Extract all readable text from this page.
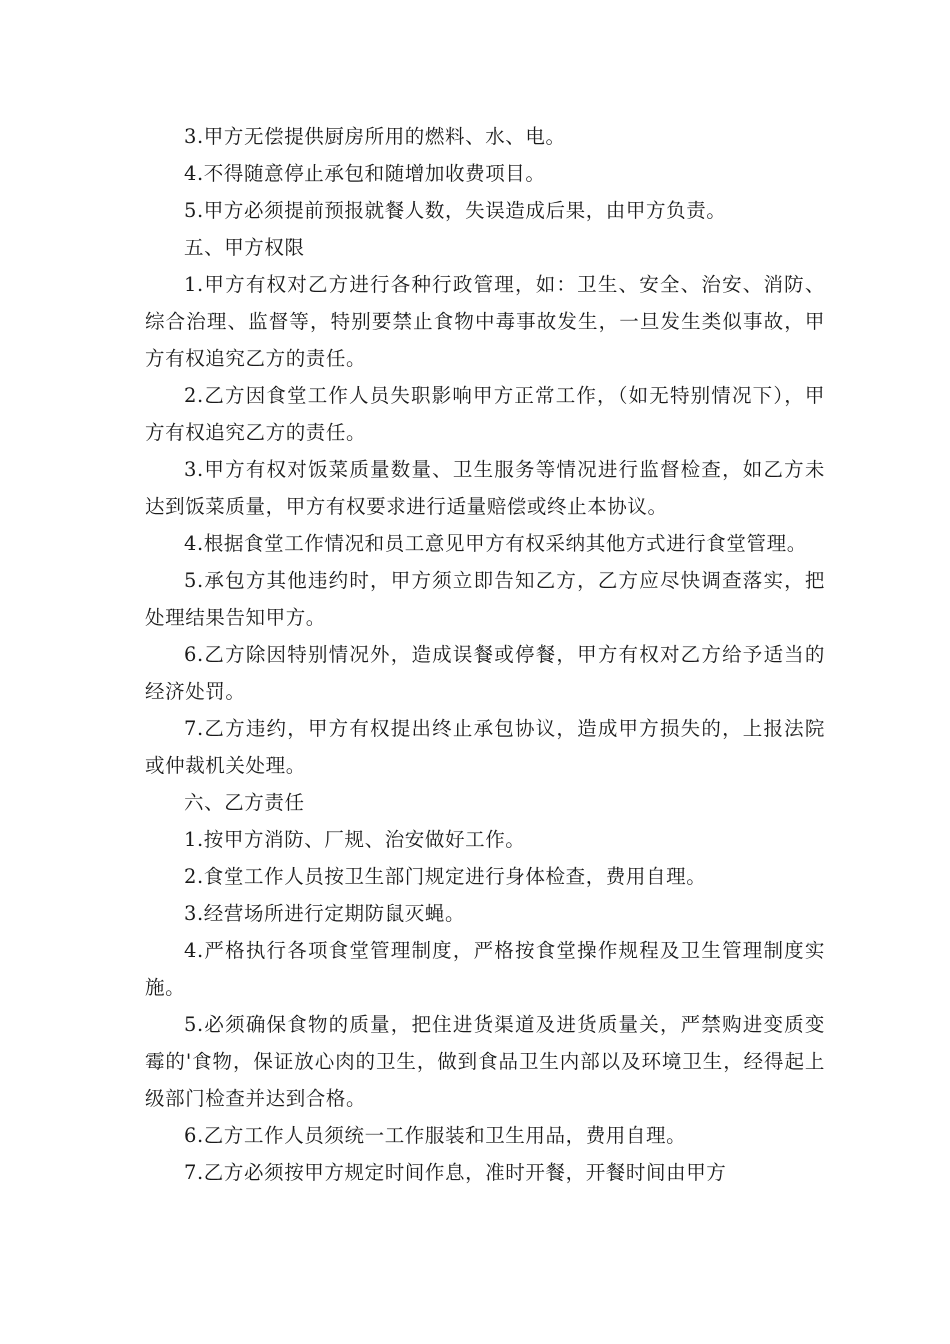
3.甲方无偿提供厨房所用的燃料、水、电。

4.不得随意停止承包和随增加收费项目。

5.甲方必须提前预报就餐人数，失误造成后果，由甲方负责。

五、甲方权限

1.甲方有权对乙方进行各种行政管理，如：卫生、安全、治安、消防、综合治理、监督等，特别要禁止食物中毒事故发生，一旦发生类似事故，甲方有权追究乙方的责任。

2.乙方因食堂工作人员失职影响甲方正常工作，（如无特别情况下），甲方有权追究乙方的责任。

3.甲方有权对饭菜质量数量、卫生服务等情况进行监督检查，如乙方未达到饭菜质量，甲方有权要求进行适量赔偿或终止本协议。

4.根据食堂工作情况和员工意见甲方有权采纳其他方式进行食堂管理。

5.承包方其他违约时，甲方须立即告知乙方，乙方应尽快调查落实，把处理结果告知甲方。

6.乙方除因特别情况外，造成误餐或停餐，甲方有权对乙方给予适当的经济处罚。

7.乙方违约，甲方有权提出终止承包协议，造成甲方损失的，上报法院或仲裁机关处理。

六、乙方责任

1.按甲方消防、厂规、治安做好工作。

2.食堂工作人员按卫生部门规定进行身体检查，费用自理。

3.经营场所进行定期防鼠灭蝇。

4.严格执行各项食堂管理制度，严格按食堂操作规程及卫生管理制度实施。

5.必须确保食物的质量，把住进货渠道及进货质量关，严禁购进变质变霉的'食物，保证放心肉的卫生，做到食品卫生内部以及环境卫生，经得起上级部门检查并达到合格。

6.乙方工作人员须统一工作服装和卫生用品，费用自理。

7.乙方必须按甲方规定时间作息，准时开餐，开餐时间由甲方
